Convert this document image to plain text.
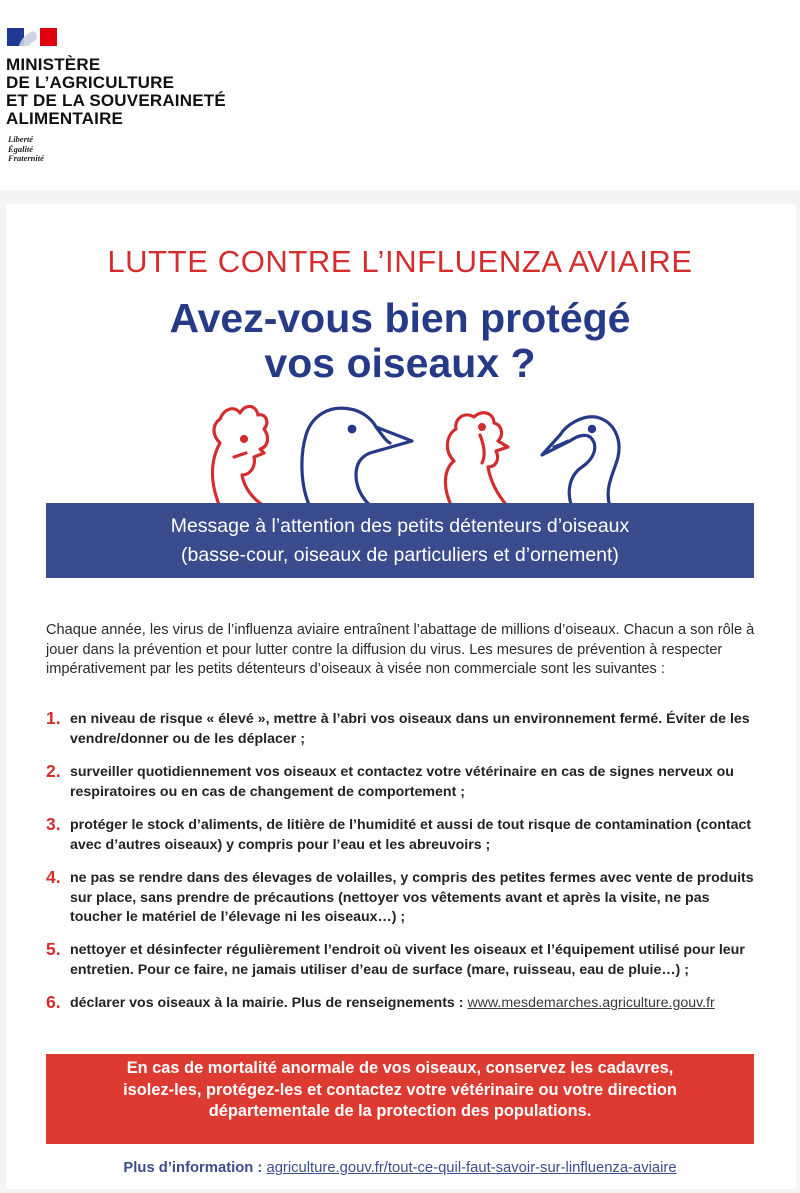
MINISTÈRE
DE L’AGRICULTURE
ET DE LA SOUVERAINETÉ
ALIMENTAIRE
Liberté
Égalité
Fraternité
LUTTE CONTRE L’INFLUENZA AVIAIRE
Avez-vous bien protégé
vos oiseaux ?
Message à l’attention des petits détenteurs d’oiseaux
(basse-cour, oiseaux de particuliers et d’ornement)
Chaque année, les virus de l’influenza aviaire entraînent l’abattage de millions d’oiseaux. Chacun a son rôle à jouer dans la prévention et pour lutter contre la diffusion du virus. Les mesures de prévention à respecter impérativement par les petits détenteurs d’oiseaux à visée non commerciale sont les suivantes :
1. en niveau de risque « élevé », mettre à l’abri vos oiseaux dans un environnement fermé. Éviter de les vendre/donner ou de les déplacer ;
2. surveiller quotidiennement vos oiseaux et contactez votre vétérinaire en cas de signes nerveux ou respiratoires ou en cas de changement de comportement ;
3. protéger le stock d’aliments, de litière de l’humidité et aussi de tout risque de contamination (contact avec d’autres oiseaux) y compris pour l’eau et les abreuvoirs ;
4. ne pas se rendre dans des élevages de volailles, y compris des petites fermes avec vente de produits sur place, sans prendre de précautions (nettoyer vos vêtements avant et après la visite, ne pas toucher le matériel de l’élevage ni les oiseaux…) ;
5. nettoyer et désinfecter régulièrement l’endroit où vivent les oiseaux et l’équipement utilisé pour leur entretien. Pour ce faire, ne jamais utiliser d’eau de surface (mare, ruisseau, eau de pluie…) ;
6. déclarer vos oiseaux à la mairie. Plus de renseignements : www.mesdemarches.agriculture.gouv.fr
En cas de mortalité anormale de vos oiseaux, conservez les cadavres,
isolez-les, protégez-les et contactez votre vétérinaire ou votre direction
départementale de la protection des populations.
Plus d’information : agriculture.gouv.fr/tout-ce-quil-faut-savoir-sur-linfluenza-aviaire
